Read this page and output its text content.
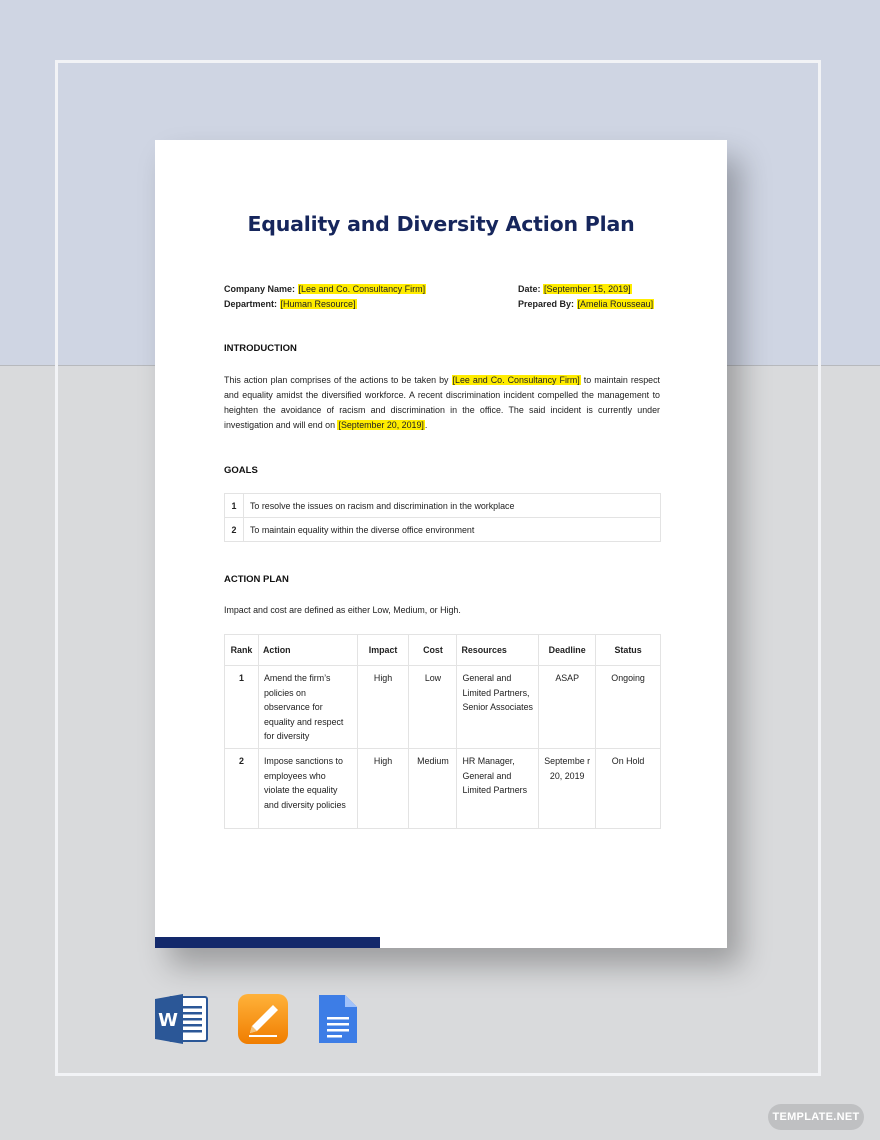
Equality and Diversity Action Plan
Company Name: [Lee and Co. Consultancy Firm]
Department: [Human Resource]
Date: [September 15, 2019]
Prepared By: [Amelia Rousseau]
INTRODUCTION
This action plan comprises of the actions to be taken by [Lee and Co. Consultancy Firm] to maintain respect and equality amidst the diversified workforce. A recent discrimination incident compelled the management to heighten the avoidance of racism and discrimination in the office. The said incident is currently under investigation and will end on [September 20, 2019].
GOALS
1	To resolve the issues on racism and discrimination in the workplace
2	To maintain equality within the diverse office environment
ACTION PLAN
Impact and cost are defined as either Low, Medium, or High.
Rank	Action	Impact	Cost	Resources	Deadline	Status
1	Amend the firm’s policies on observance for equality and respect for diversity	High	Low	General and Limited Partners, Senior Associates	ASAP	Ongoing
2	Impose sanctions to employees who violate the equality and diversity policies	High	Medium	HR Manager, General and Limited Partners	Septembe r 20, 2019	On Hold
W
TEMPLATE.NET
